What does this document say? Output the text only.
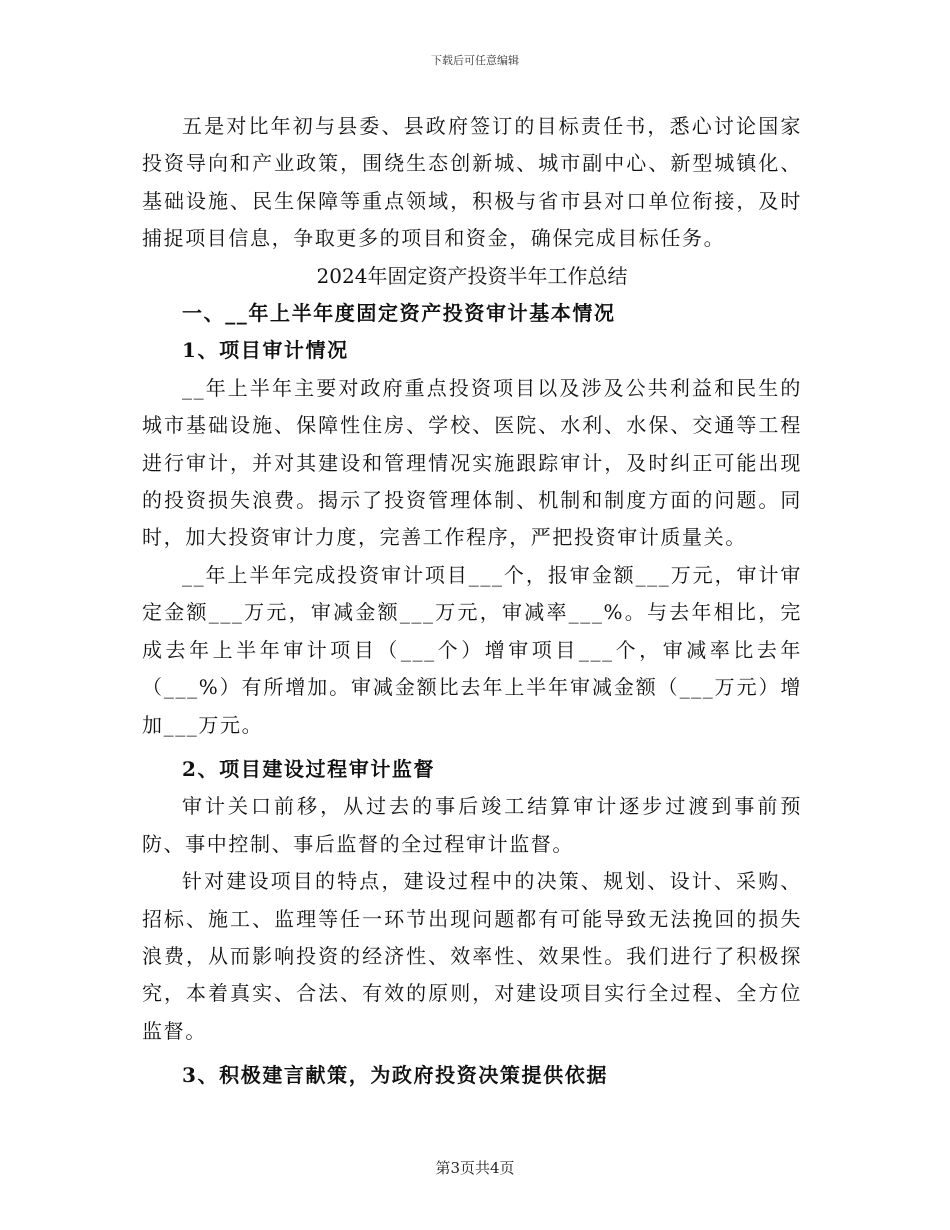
下载后可任意编辑

五是对比年初与县委、县政府签订的目标责任书，悉心讨论国家投资导向和产业政策，围绕生态创新城、城市副中心、新型城镇化、基础设施、民生保障等重点领域，积极与省市县对口单位衔接，及时捕捉项目信息，争取更多的项目和资金，确保完成目标任务。

2024年固定资产投资半年工作总结

一、__年上半年度固定资产投资审计基本情况

1、项目审计情况

__年上半年主要对政府重点投资项目以及涉及公共利益和民生的城市基础设施、保障性住房、学校、医院、水利、水保、交通等工程进行审计，并对其建设和管理情况实施跟踪审计，及时纠正可能出现的投资损失浪费。揭示了投资管理体制、机制和制度方面的问题。同时，加大投资审计力度，完善工作程序，严把投资审计质量关。

__年上半年完成投资审计项目___个，报审金额___万元，审计审定金额___万元，审减金额___万元，审减率___%。与去年相比，完成去年上半年审计项目（___个）增审项目___个，审减率比去年（___%）有所增加。审减金额比去年上半年审减金额（___万元）增加___万元。

2、项目建设过程审计监督

审计关口前移，从过去的事后竣工结算审计逐步过渡到事前预防、事中控制、事后监督的全过程审计监督。

针对建设项目的特点，建设过程中的决策、规划、设计、采购、招标、施工、监理等任一环节出现问题都有可能导致无法挽回的损失浪费，从而影响投资的经济性、效率性、效果性。我们进行了积极探究，本着真实、合法、有效的原则，对建设项目实行全过程、全方位监督。

3、积极建言献策，为政府投资决策提供依据

第3页共4页
